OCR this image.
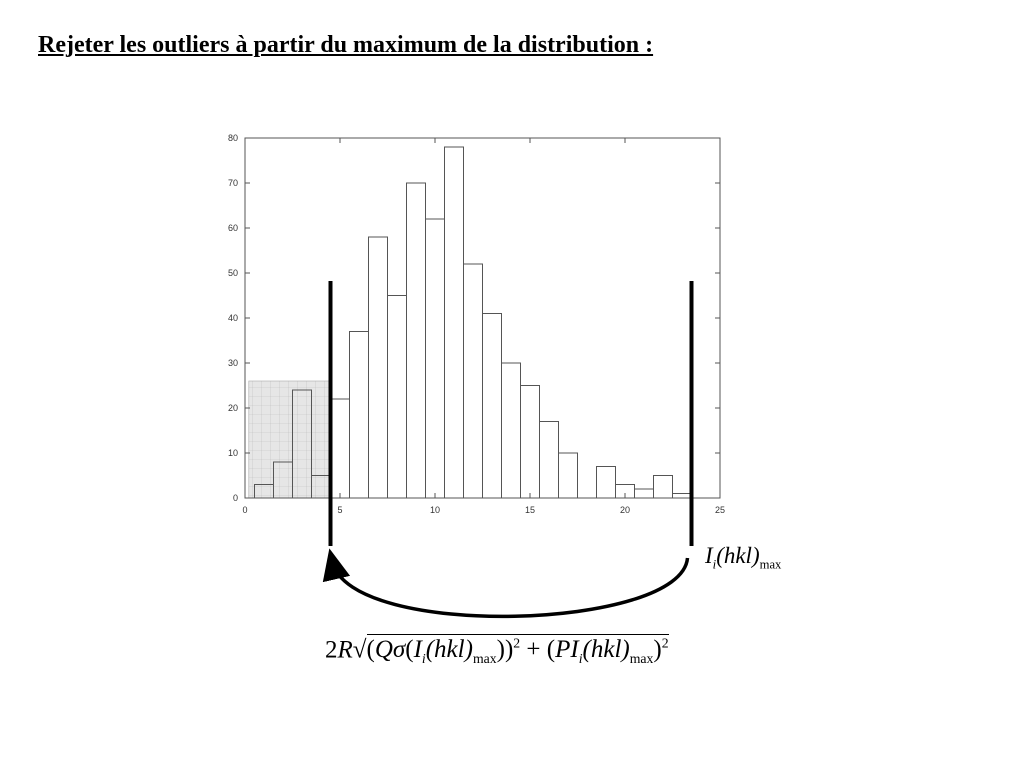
Rejeter les outliers à partir du maximum de la distribution :
0
10
20
30
40
50
60
70
80
0	5	10	15	20	25
$I_i(hkl)_{max}$
$2R√(Q\sigma(I_i(hkl)_{max}))^2 + (PI_i(hkl)_{max})^2$
